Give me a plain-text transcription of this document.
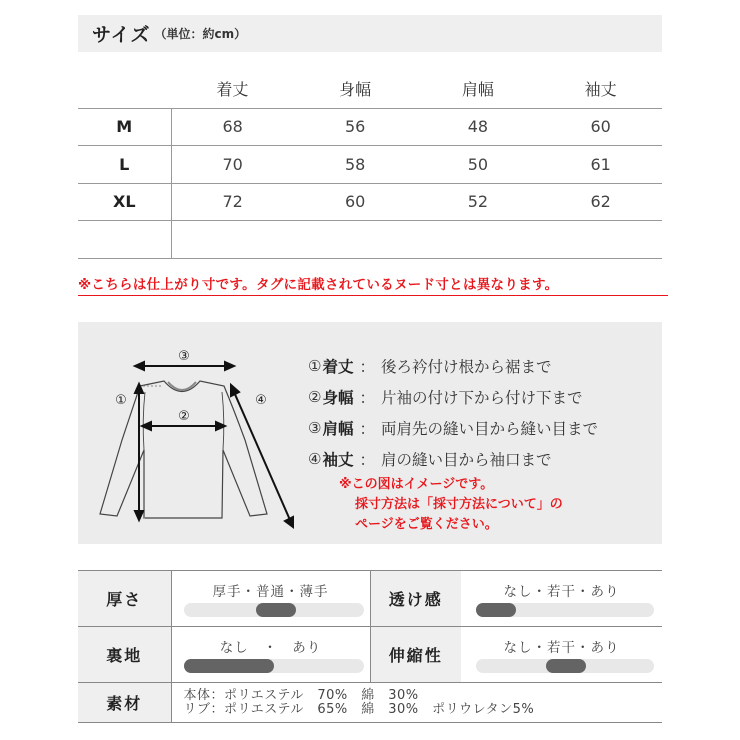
サイズ （単位：約cm）
	着丈	身幅	肩幅	袖丈
M	68	56	48	60
L	70	58	50	61
XL	72	60	52	62

※こちらは仕上がり寸です。タグに記載されているヌード寸とは異なります。
③
②
①	④
① 着丈 ： 後ろ衿付け根から裾まで
② 身幅 ： 片袖の付け下から付け下まで
③ 肩幅 ： 両肩先の縫い目から縫い目まで
④ 袖丈 ： 肩の縫い目から袖口まで
※この図はイメージです。
採寸方法は「採寸方法について」の
ページをご覧ください。
厚さ	厚手・普通・薄手	透け感	なし・若干・あり

裏地	なし　・　あり	伸縮性	なし・若干・あり

素材	本体：ポリエステル　70%　綿　30%
リブ：ポリエステル　65%　綿　30%　ポリウレタン5%		
